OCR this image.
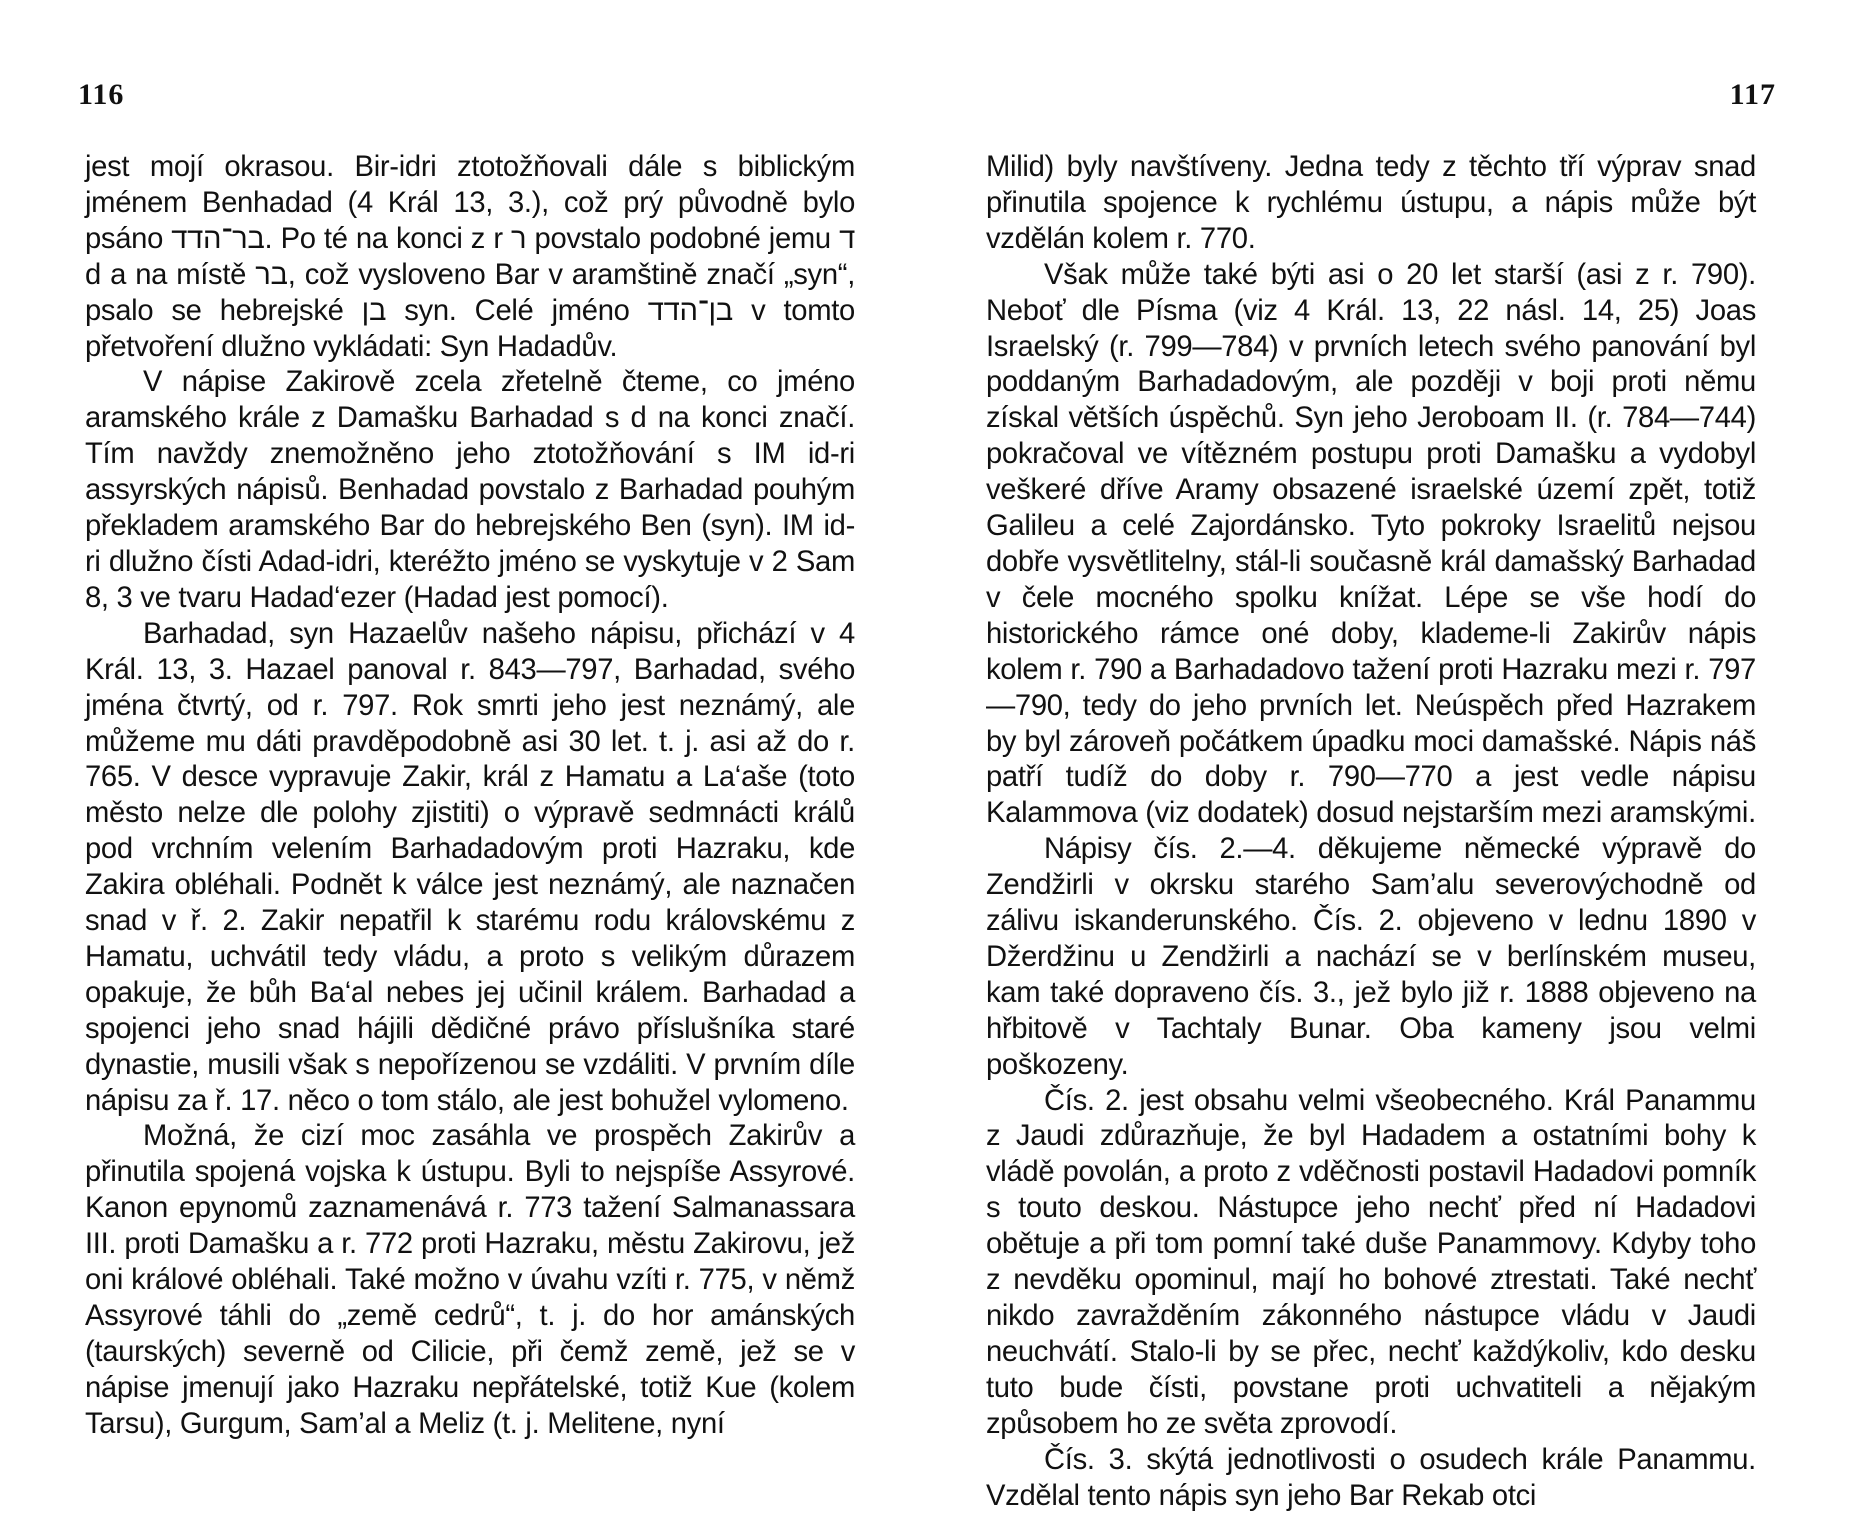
116

jest mojí okrasou. Bir-idri ztotožňovali dále s biblickým jménem Benhadad (4 Král 13, 3.), což prý původně bylo psáno בר־הדד. Po té na konci z r ר povstalo podobné jemu ד d a na místě בר, což vysloveno Bar v aramštině značí „syn“, psalo se hebrejské בן syn. Celé jméno בן־הדד v tomto přetvoření dlužno vykládati: Syn Hadadův.

V nápise Zakirově zcela zřetelně čteme, co jméno aramského krále z Damašku Barhadad s d na konci značí. Tím navždy znemožněno jeho ztotožňování s IM id-ri assyrských nápisů. Benhadad povstalo z Barhadad pouhým překladem aramského Bar do hebrejského Ben (syn). IM id-ri dlužno čísti Adad-idri, kteréžto jméno se vyskytuje v 2 Sam 8, 3 ve tvaru Hadad‘ezer (Hadad jest pomocí).

Barhadad, syn Hazaelův našeho nápisu, přichází v 4 Král. 13, 3. Hazael panoval r. 843—797, Barhadad, svého jména čtvrtý, od r. 797. Rok smrti jeho jest neznámý, ale můžeme mu dáti pravděpodobně asi 30 let. t. j. asi až do r. 765. V desce vypravuje Zakir, král z Hamatu a La‘aše (toto město nelze dle polohy zjistiti) o výpravě sedmnácti králů pod vrchním velením Barhadadovým proti Hazraku, kde Zakira obléhali. Podnět k válce jest neznámý, ale naznačen snad v ř. 2. Zakir nepatřil k starému rodu královskému z Hamatu, uchvátil tedy vládu, a proto s velikým důrazem opakuje, že bůh Ba‘al nebes jej učinil králem. Barhadad a spojenci jeho snad hájili dědičné právo příslušníka staré dynastie, musili však s nepořízenou se vzdáliti. V prvním díle nápisu za ř. 17. něco o tom stálo, ale jest bohužel vylomeno.

Možná, že cizí moc zasáhla ve prospěch Zakirův a přinutila spojená vojska k ústupu. Byli to nejspíše Assyrové. Kanon epynomů zaznamenává r. 773 tažení Salmanassara III. proti Damašku a r. 772 proti Hazraku, městu Zakirovu, jež oni králové obléhali. Také možno v úvahu vzíti r. 775, v němž Assyrové táhli do „země cedrů“, t. j. do hor amánských (taurských) severně od Cilicie, při čemž země, jež se v nápise jmenují jako Hazraku nepřátelské, totiž Kue (kolem Tarsu), Gurgum, Sam’al a Meliz (t. j. Melitene, nyní

117

Milid) byly navštíveny. Jedna tedy z těchto tří výprav snad přinutila spojence k rychlému ústupu, a nápis může být vzdělán kolem r. 770.

Však může také býti asi o 20 let starší (asi z r. 790). Neboť dle Písma (viz 4 Král. 13, 22 násl. 14, 25) Joas Israelský (r. 799—784) v prvních letech svého panování byl poddaným Barhadadovým, ale později v boji proti němu získal větších úspěchů. Syn jeho Jeroboam II. (r. 784—744) pokračoval ve vítězném postupu proti Damašku a vydobyl veškeré dříve Aramy obsazené israelské území zpět, totiž Galileu a celé Zajordánsko. Tyto pokroky Israelitů nejsou dobře vysvětlitelny, stál-li současně král damašský Barhadad v čele mocného spolku knížat. Lépe se vše hodí do historického rámce oné doby, klademe-li Zakirův nápis kolem r. 790 a Barhadadovo tažení proti Hazraku mezi r. 797—790, tedy do jeho prvních let. Neúspěch před Hazrakem by byl zároveň počátkem úpadku moci damašské. Nápis náš patří tudíž do doby r. 790—770 a jest vedle nápisu Kalammova (viz dodatek) dosud nejstarším mezi aramskými.

Nápisy čís. 2.—4. děkujeme německé výpravě do Zendžirli v okrsku starého Sam’alu severovýchodně od zálivu iskanderunského. Čís. 2. objeveno v lednu 1890 v Džerdžinu u Zendžirli a nachází se v berlínském museu, kam také dopraveno čís. 3., jež bylo již r. 1888 objeveno na hřbitově v Tachtaly Bunar. Oba kameny jsou velmi poškozeny.

Čís. 2. jest obsahu velmi všeobecného. Král Panammu z Jaudi zdůrazňuje, že byl Hadadem a ostatními bohy k vládě povolán, a proto z vděčnosti postavil Hadadovi pomník s touto deskou. Nástupce jeho nechť před ní Hadadovi obětuje a při tom pomní také duše Panammovy. Kdyby toho z nevděku opominul, mají ho bohové ztrestati. Také nechť nikdo zavražděním zákonného nástupce vládu v Jaudi neuchvátí. Stalo-li by se přec, nechť každýkoliv, kdo desku tuto bude čísti, povstane proti uchvatiteli a nějakým způsobem ho ze světa zprovodí.

Čís. 3. skýtá jednotlivosti o osudech krále Panammu. Vzdělal tento nápis syn jeho Bar Rekab otci
